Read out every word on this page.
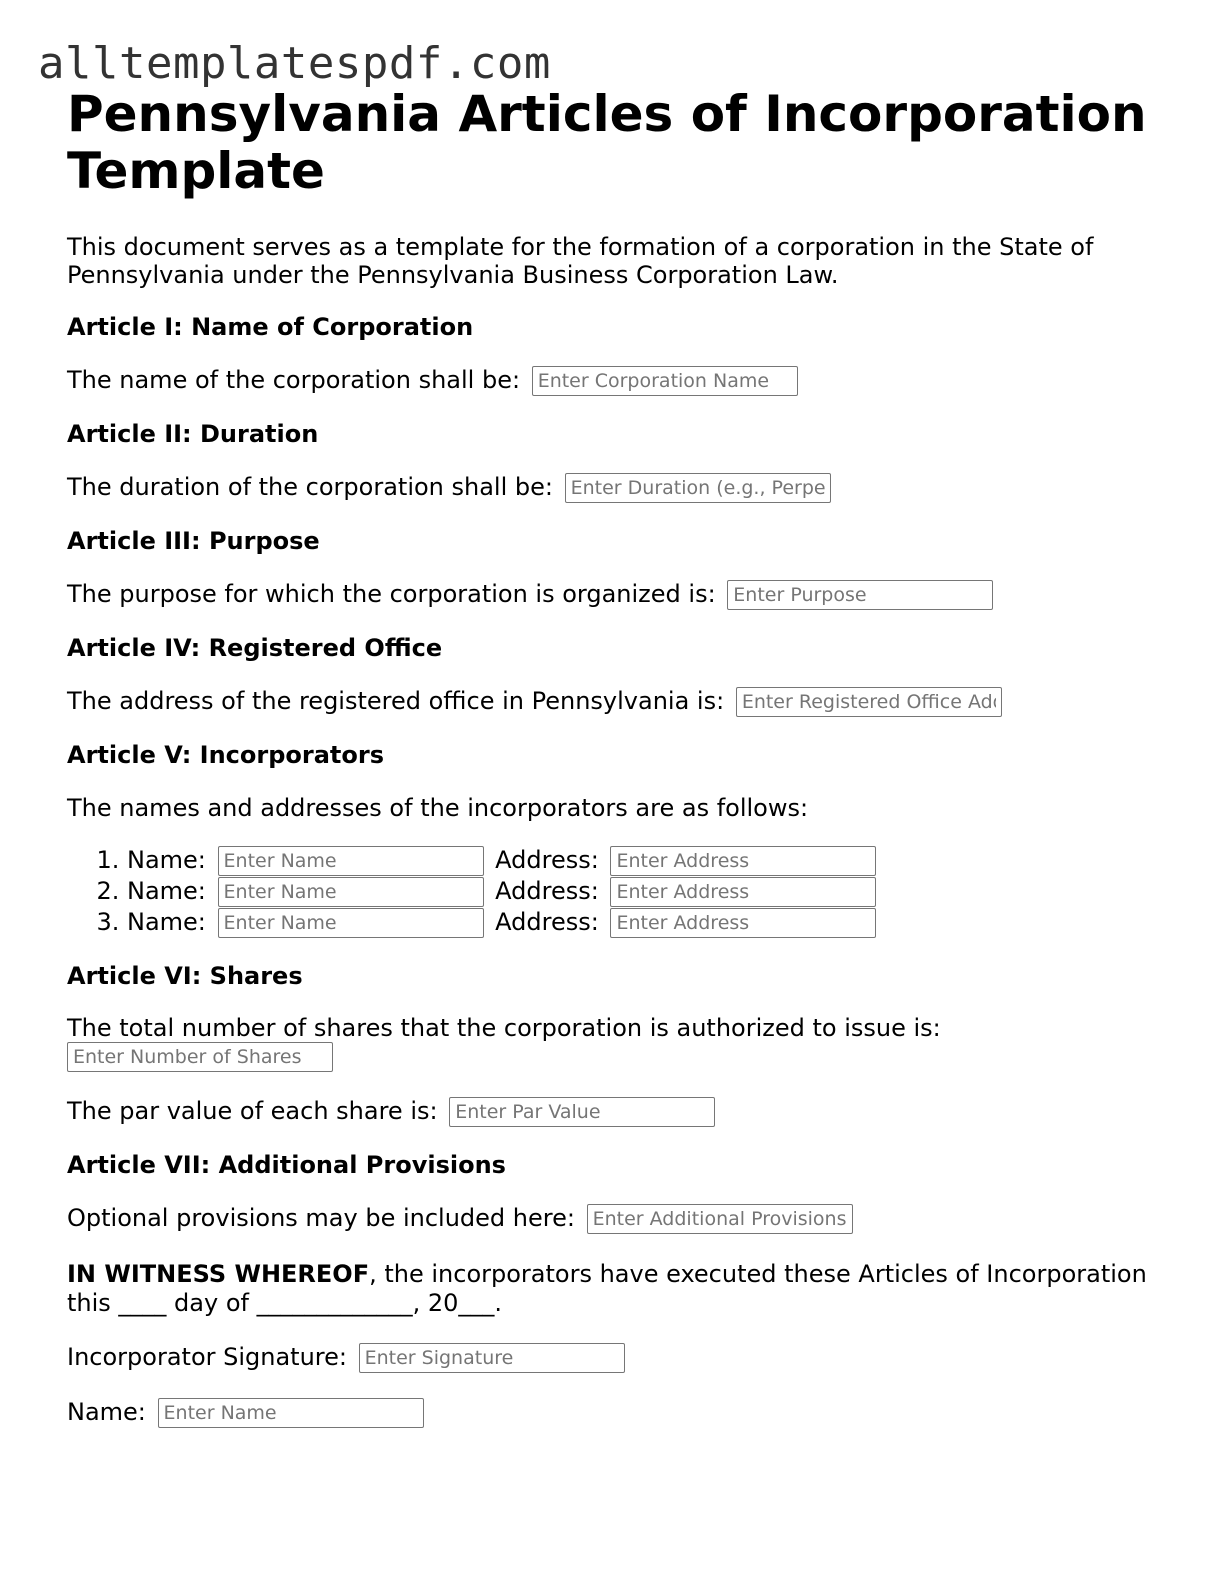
alltemplatespdf.com
Pennsylvania Articles of Incorporation Template

This document serves as a template for the formation of a corporation in the State of Pennsylvania under the Pennsylvania Business Corporation Law.

Article I: Name of Corporation
The name of the corporation shall be: Enter Corporation Name
Article II: Duration
The duration of the corporation shall be: Enter Duration (e.g., Perpetual)
Article III: Purpose
The purpose for which the corporation is organized is: Enter Purpose
Article IV: Registered Office
The address of the registered office in Pennsylvania is: Enter Registered Office Address
Article V: Incorporators
The names and addresses of the incorporators are as follows:
1. Name: Enter Name	Address: Enter Address
2. Name: Enter Name	Address: Enter Address
3. Name: Enter Name	Address: Enter Address
Article VI: Shares
The total number of shares that the corporation is authorized to issue is:
Enter Number of Shares
The par value of each share is: Enter Par Value
Article VII: Additional Provisions
Optional provisions may be included here: Enter Additional Provisions

IN WITNESS WHEREOF, the incorporators have executed these Articles of Incorporation this ____ day of _____________, 20___.

Incorporator Signature: Enter Signature
Name: Enter Name
